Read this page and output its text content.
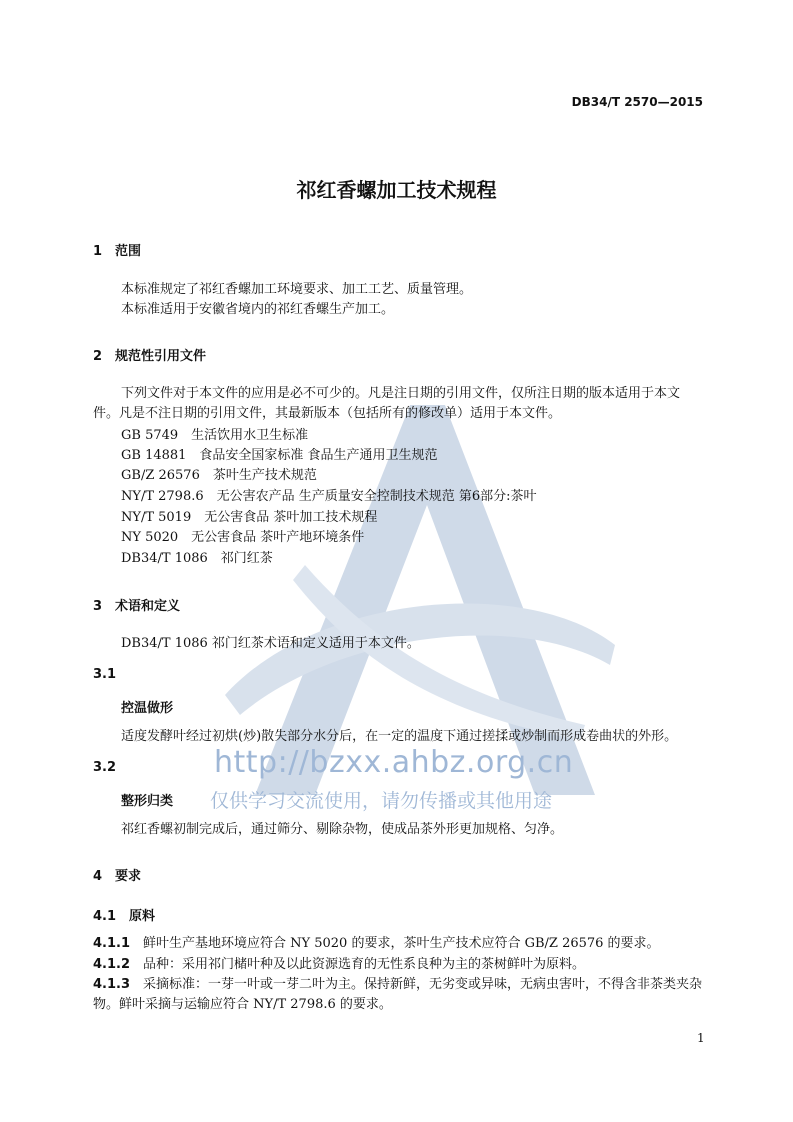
DB34/T 2570—2015
祁红香螺加工技术规程
1　范围
本标准规定了祁红香螺加工环境要求、加工工艺、质量管理。
本标准适用于安徽省境内的祁红香螺生产加工。
2　规范性引用文件
下列文件对于本文件的应用是必不可少的。凡是注日期的引用文件，仅所注日期的版本适用于本文件。凡是不注日期的引用文件，其最新版本（包括所有的修改单）适用于本文件。
GB 5749　生活饮用水卫生标准
GB 14881　食品安全国家标准 食品生产通用卫生规范
GB/Z 26576　茶叶生产技术规范
NY/T 2798.6　无公害农产品 生产质量安全控制技术规范 第6部分:茶叶
NY/T 5019　无公害食品 茶叶加工技术规程
NY 5020　无公害食品 茶叶产地环境条件
DB34/T 1086　祁门红茶
3　术语和定义
DB34/T 1086 祁门红茶术语和定义适用于本文件。
3.1
控温做形
适度发酵叶经过初烘(炒)散失部分水分后，在一定的温度下通过搓揉或炒制而形成卷曲状的外形。
3.2
整形归类
祁红香螺初制完成后，通过筛分、剔除杂物，使成品茶外形更加规格、匀净。
4　要求
4.1　原料
4.1.1　鲜叶生产基地环境应符合 NY 5020 的要求，茶叶生产技术应符合 GB/Z 26576 的要求。
4.1.2　品种：采用祁门槠叶种及以此资源选育的无性系良种为主的茶树鲜叶为原料。
4.1.3　采摘标准：一芽一叶或一芽二叶为主。保持新鲜，无劣变或异味，无病虫害叶，不得含非茶类夹杂物。鲜叶采摘与运输应符合 NY/T 2798.6 的要求。
http://bzxx.ahbz.org.cn
仅供学习交流使用，请勿传播或其他用途
1
